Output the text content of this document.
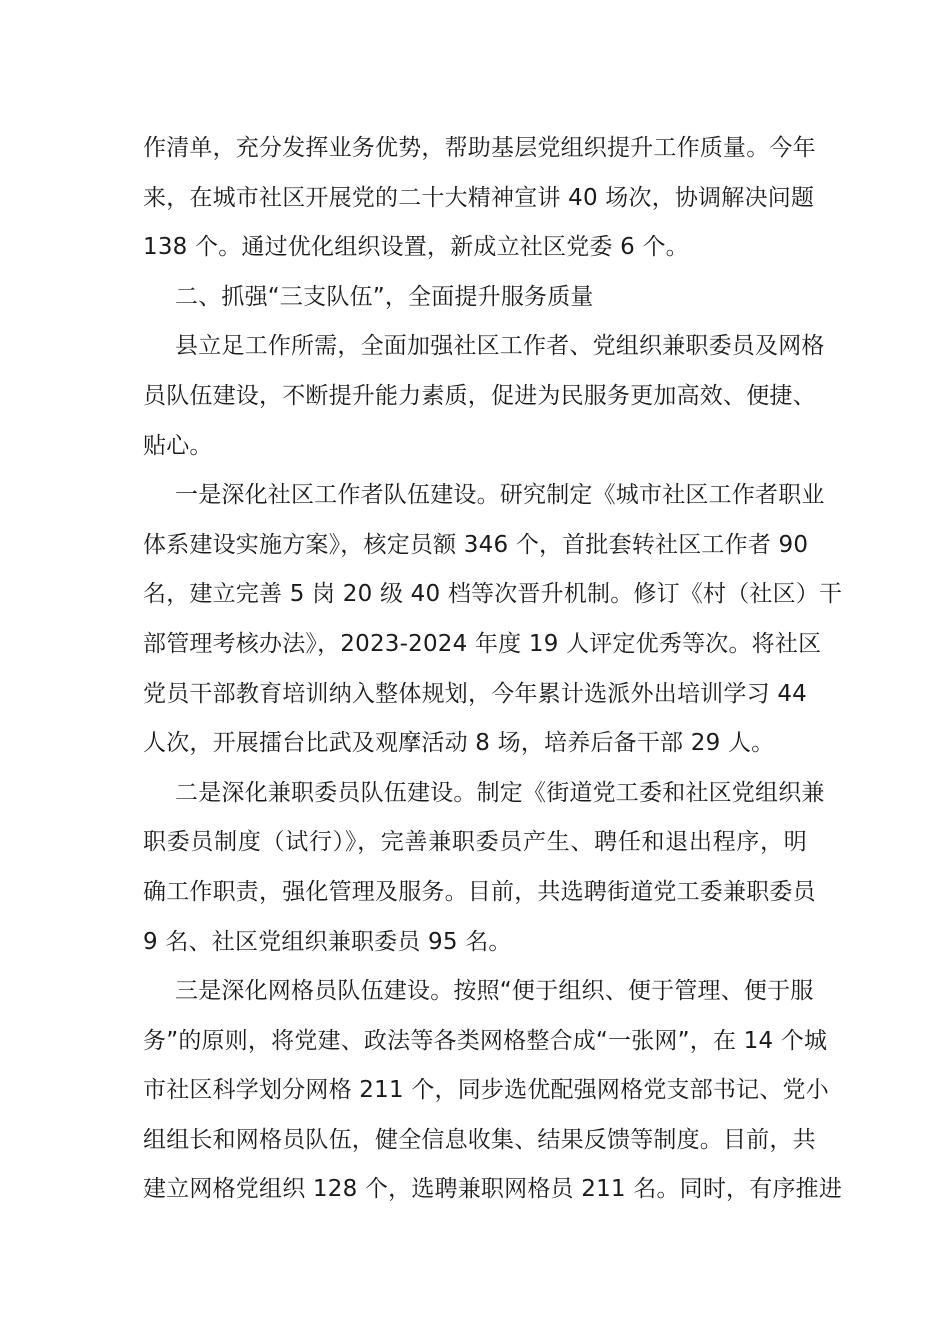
作清单，充分发挥业务优势，帮助基层党组织提升工作质量。今年
来，在城市社区开展党的二十大精神宣讲 40 场次，协调解决问题
138 个。通过优化组织设置，新成立社区党委 6 个。
二、抓强“三支队伍”，全面提升服务质量
县立足工作所需，全面加强社区工作者、党组织兼职委员及网格
员队伍建设，不断提升能力素质，促进为民服务更加高效、便捷、
贴心。
一是深化社区工作者队伍建设。研究制定《城市社区工作者职业
体系建设实施方案》，核定员额 346 个，首批套转社区工作者 90
名，建立完善 5 岗 20 级 40 档等次晋升机制。修订《村（社区）干
部管理考核办法》，2023-2024 年度 19 人评定优秀等次。将社区
党员干部教育培训纳入整体规划，今年累计选派外出培训学习 44
人次，开展擂台比武及观摩活动 8 场，培养后备干部 29 人。
二是深化兼职委员队伍建设。制定《街道党工委和社区党组织兼
职委员制度（试行）》，完善兼职委员产生、聘任和退出程序，明
确工作职责，强化管理及服务。目前，共选聘街道党工委兼职委员
9 名、社区党组织兼职委员 95 名。
三是深化网格员队伍建设。按照“便于组织、便于管理、便于服
务”的原则，将党建、政法等各类网格整合成“一张网”，在 14 个城
市社区科学划分网格 211 个，同步选优配强网格党支部书记、党小
组组长和网格员队伍，健全信息收集、结果反馈等制度。目前，共
建立网格党组织 128 个，选聘兼职网格员 211 名。同时，有序推进
